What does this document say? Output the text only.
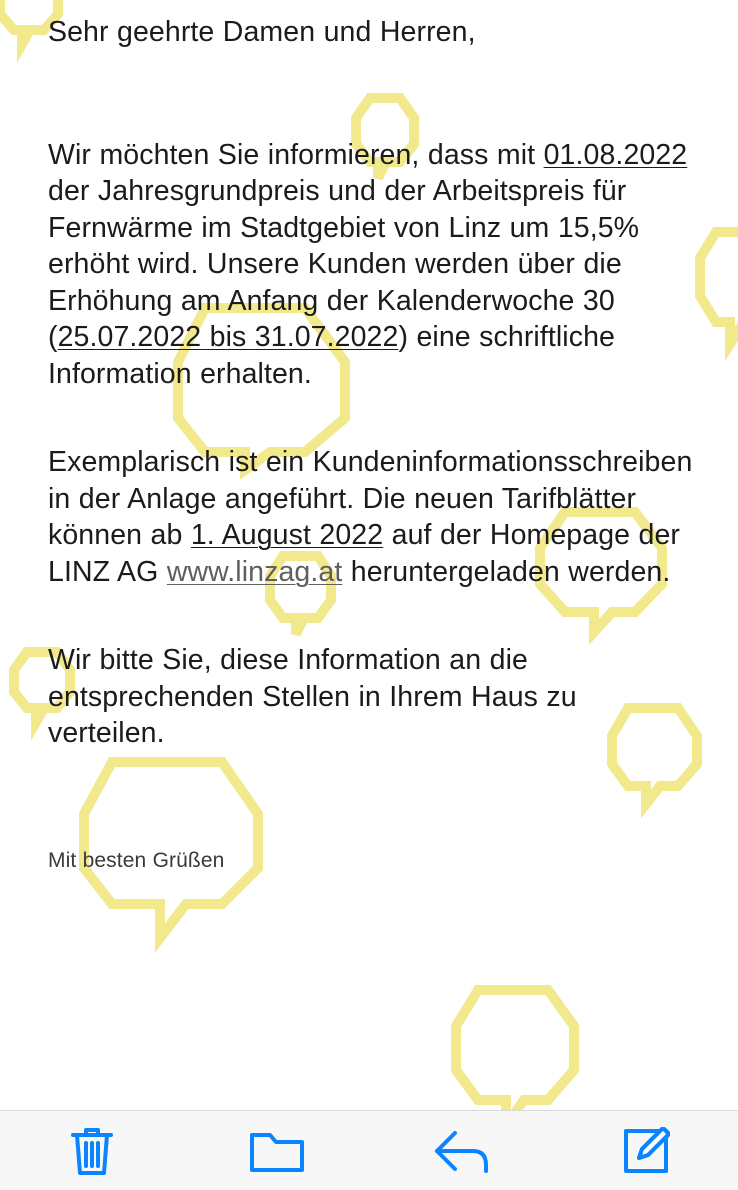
Sehr geehrte Damen und Herren,

Wir möchten Sie informieren, dass mit 01.08.2022 der Jahresgrundpreis und der Arbeitspreis für Fernwärme im Stadtgebiet von Linz um 15,5% erhöht wird. Unsere Kunden werden über die Erhöhung am Anfang der Kalenderwoche 30 (25.07.2022 bis 31.07.2022) eine schriftliche Information erhalten.

Exemplarisch ist ein Kundeninformationsschreiben in der Anlage angeführt. Die neuen Tarifblätter können ab 1. August 2022 auf der Homepage der LINZ AG www.linzag.at heruntergeladen werden.

Wir bitte Sie, diese Information an die entsprechenden Stellen in Ihrem Haus zu verteilen.

Mit besten Grüßen
